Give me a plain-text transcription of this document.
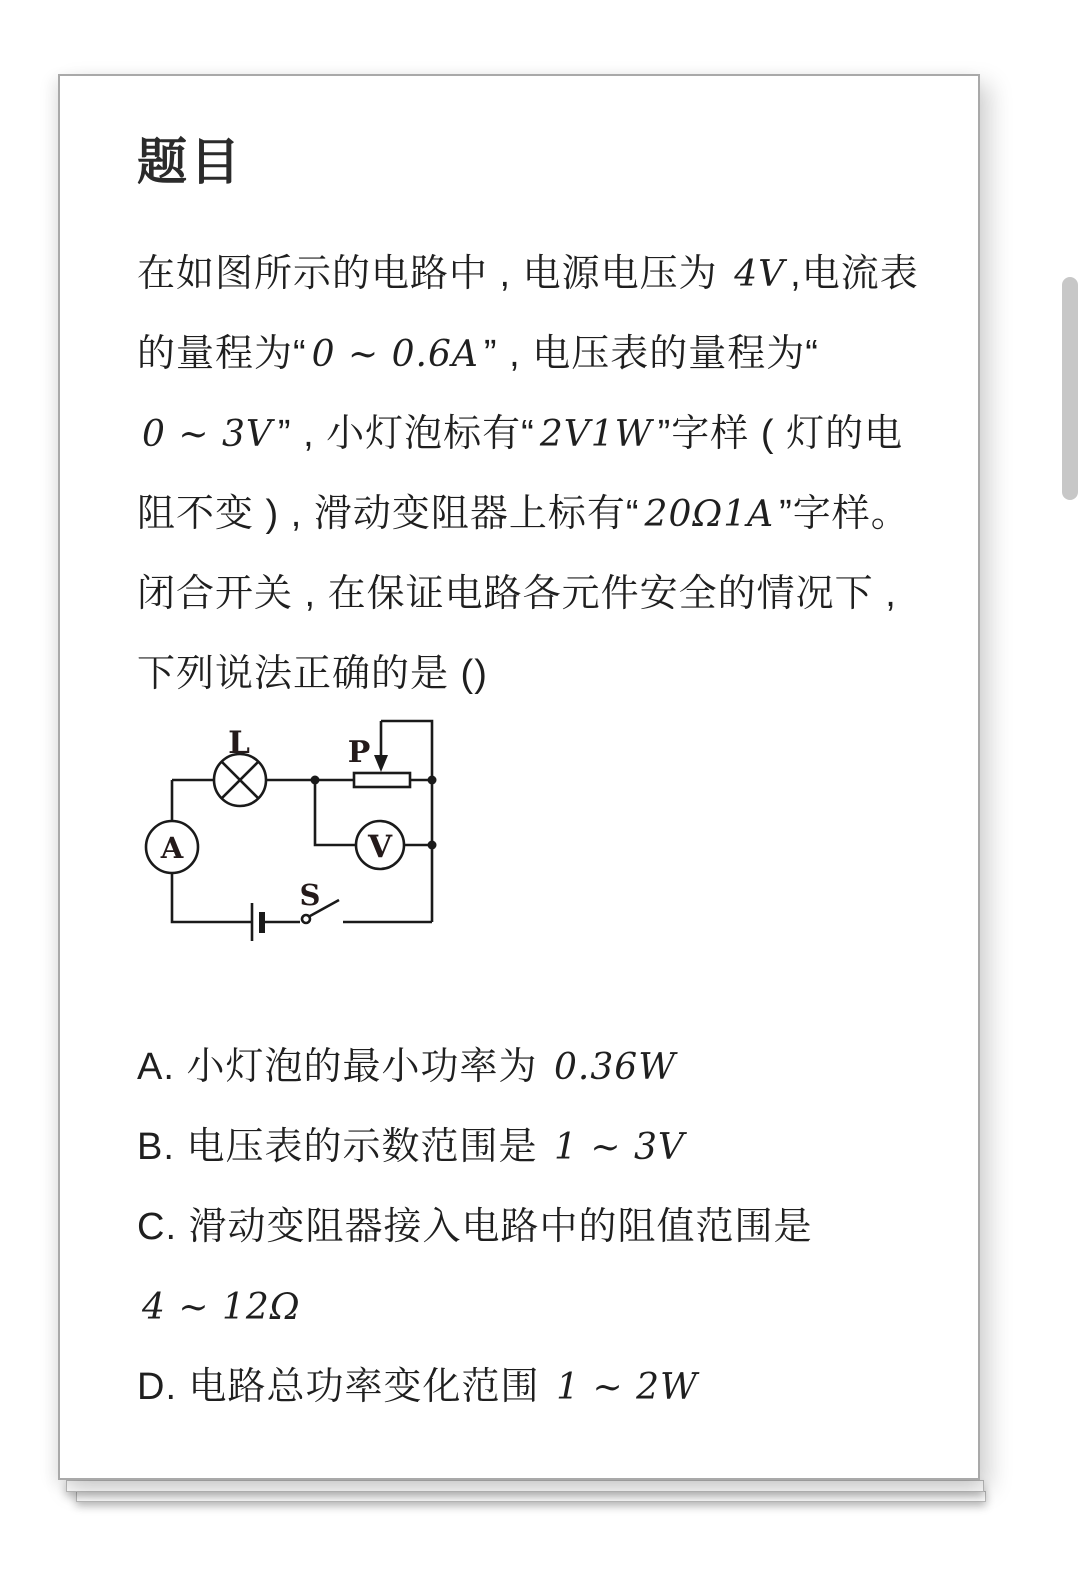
题目
在如图所示的电路中 , 电源电压为 4V ,电流表
的量程为“ 0 ∼ 0.6A ” , 电压表的量程为“
0 ∼ 3V ” , 小灯泡标有“ 2V1W ”字样 ( 灯的电
阻不变 ) , 滑动变阻器上标有“ 20Ω1A ”字样。
闭合开关 , 在保证电路各元件安全的情况下 ,
下列说法正确的是 ()
L	P
A	V
S
A. 小灯泡的最小功率为 0.36W
B. 电压表的示数范围是 1 ∼ 3V
C. 滑动变阻器接入电路中的阻值范围是
4 ∼ 12Ω
D. 电路总功率变化范围 1 ∼ 2W
